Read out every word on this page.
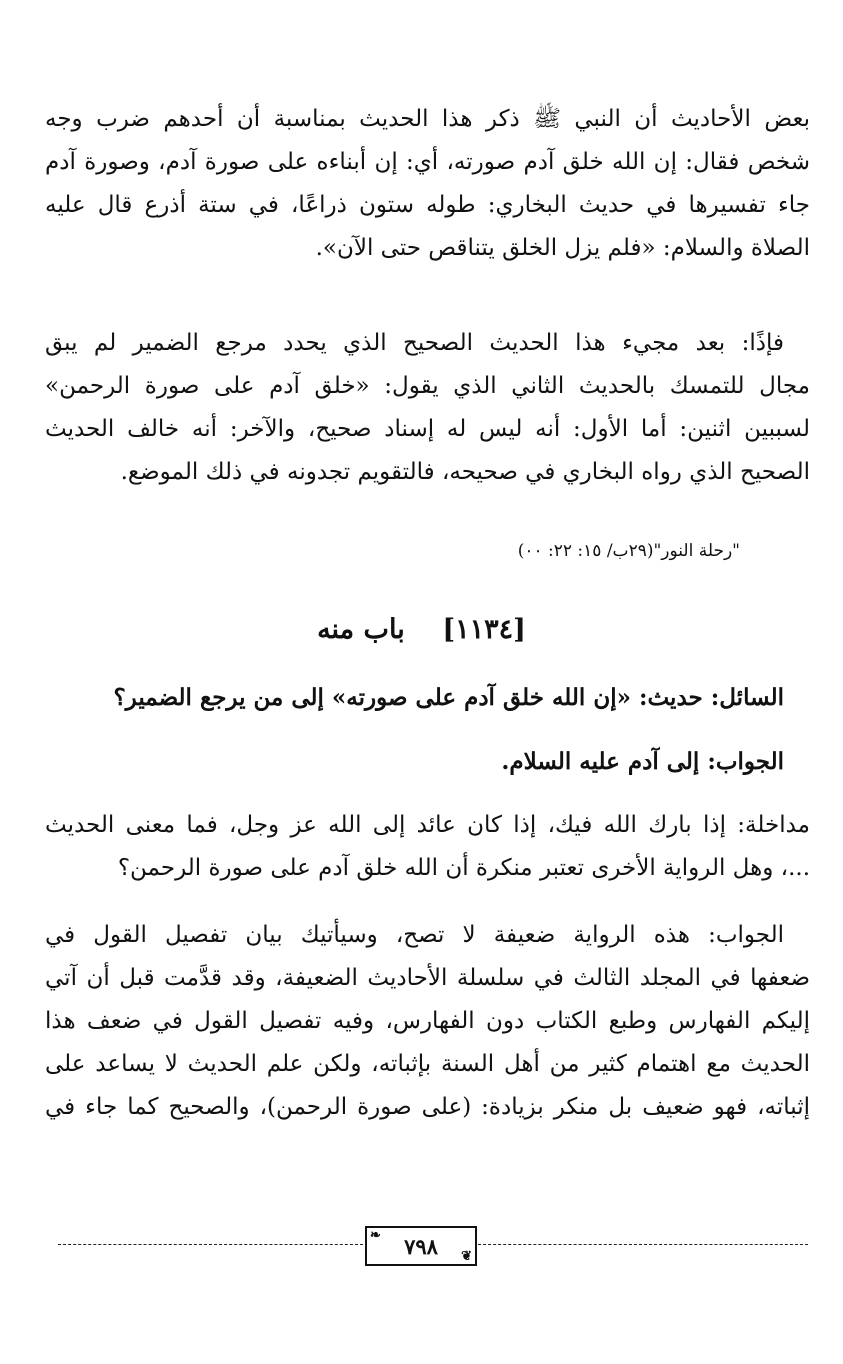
بعض الأحاديث أن النبي ﷺ ذكر هذا الحديث بمناسبة أن أحدهم ضرب وجه
شخص فقال: إن الله خلق آدم صورته، أي: إن أبناءه على صورة آدم، وصورة آدم
جاء تفسيرها في حديث البخاري: طوله ستون ذراعًا، في ستة أذرع قال عليه
الصلاة والسلام: «فلم يزل الخلق يتناقص حتى الآن».
فإذًا: بعد مجيء هذا الحديث الصحيح الذي يحدد مرجع الضمير لم يبق
مجال للتمسك بالحديث الثاني الذي يقول: «خلق آدم على صورة الرحمن»
لسببين اثنين: أما الأول: أنه ليس له إسناد صحيح، والآخر: أنه خالف الحديث
الصحيح الذي رواه البخاري في صحيحه، فالتقويم تجدونه في ذلك الموضع.
"رحلة النور"(٢٩ب/ ١٥: ٢٢: ٠٠)
[١١٣٤]    باب منه
السائل: حديث: «إن الله خلق آدم على صورته» إلى من يرجع الضمير؟
الجواب: إلى آدم عليه السلام.
مداخلة: إذا بارك الله فيك، إذا كان عائد إلى الله عز وجل، فما معنى الحديث
...، وهل الرواية الأخرى تعتبر منكرة أن الله خلق آدم على صورة الرحمن؟
الجواب: هذه الرواية ضعيفة لا تصح، وسيأتيك بيان تفصيل القول في
ضعفها في المجلد الثالث في سلسلة الأحاديث الضعيفة، وقد قدَّمت قبل أن آتي
إليكم الفهارس وطبع الكتاب دون الفهارس، وفيه تفصيل القول في ضعف هذا
الحديث مع اهتمام كثير من أهل السنة بإثباته، ولكن علم الحديث لا يساعد على
إثباته، فهو ضعيف بل منكر بزيادة: (على صورة الرحمن)، والصحيح كما جاء في
❧ ٧٩٨ ❦
